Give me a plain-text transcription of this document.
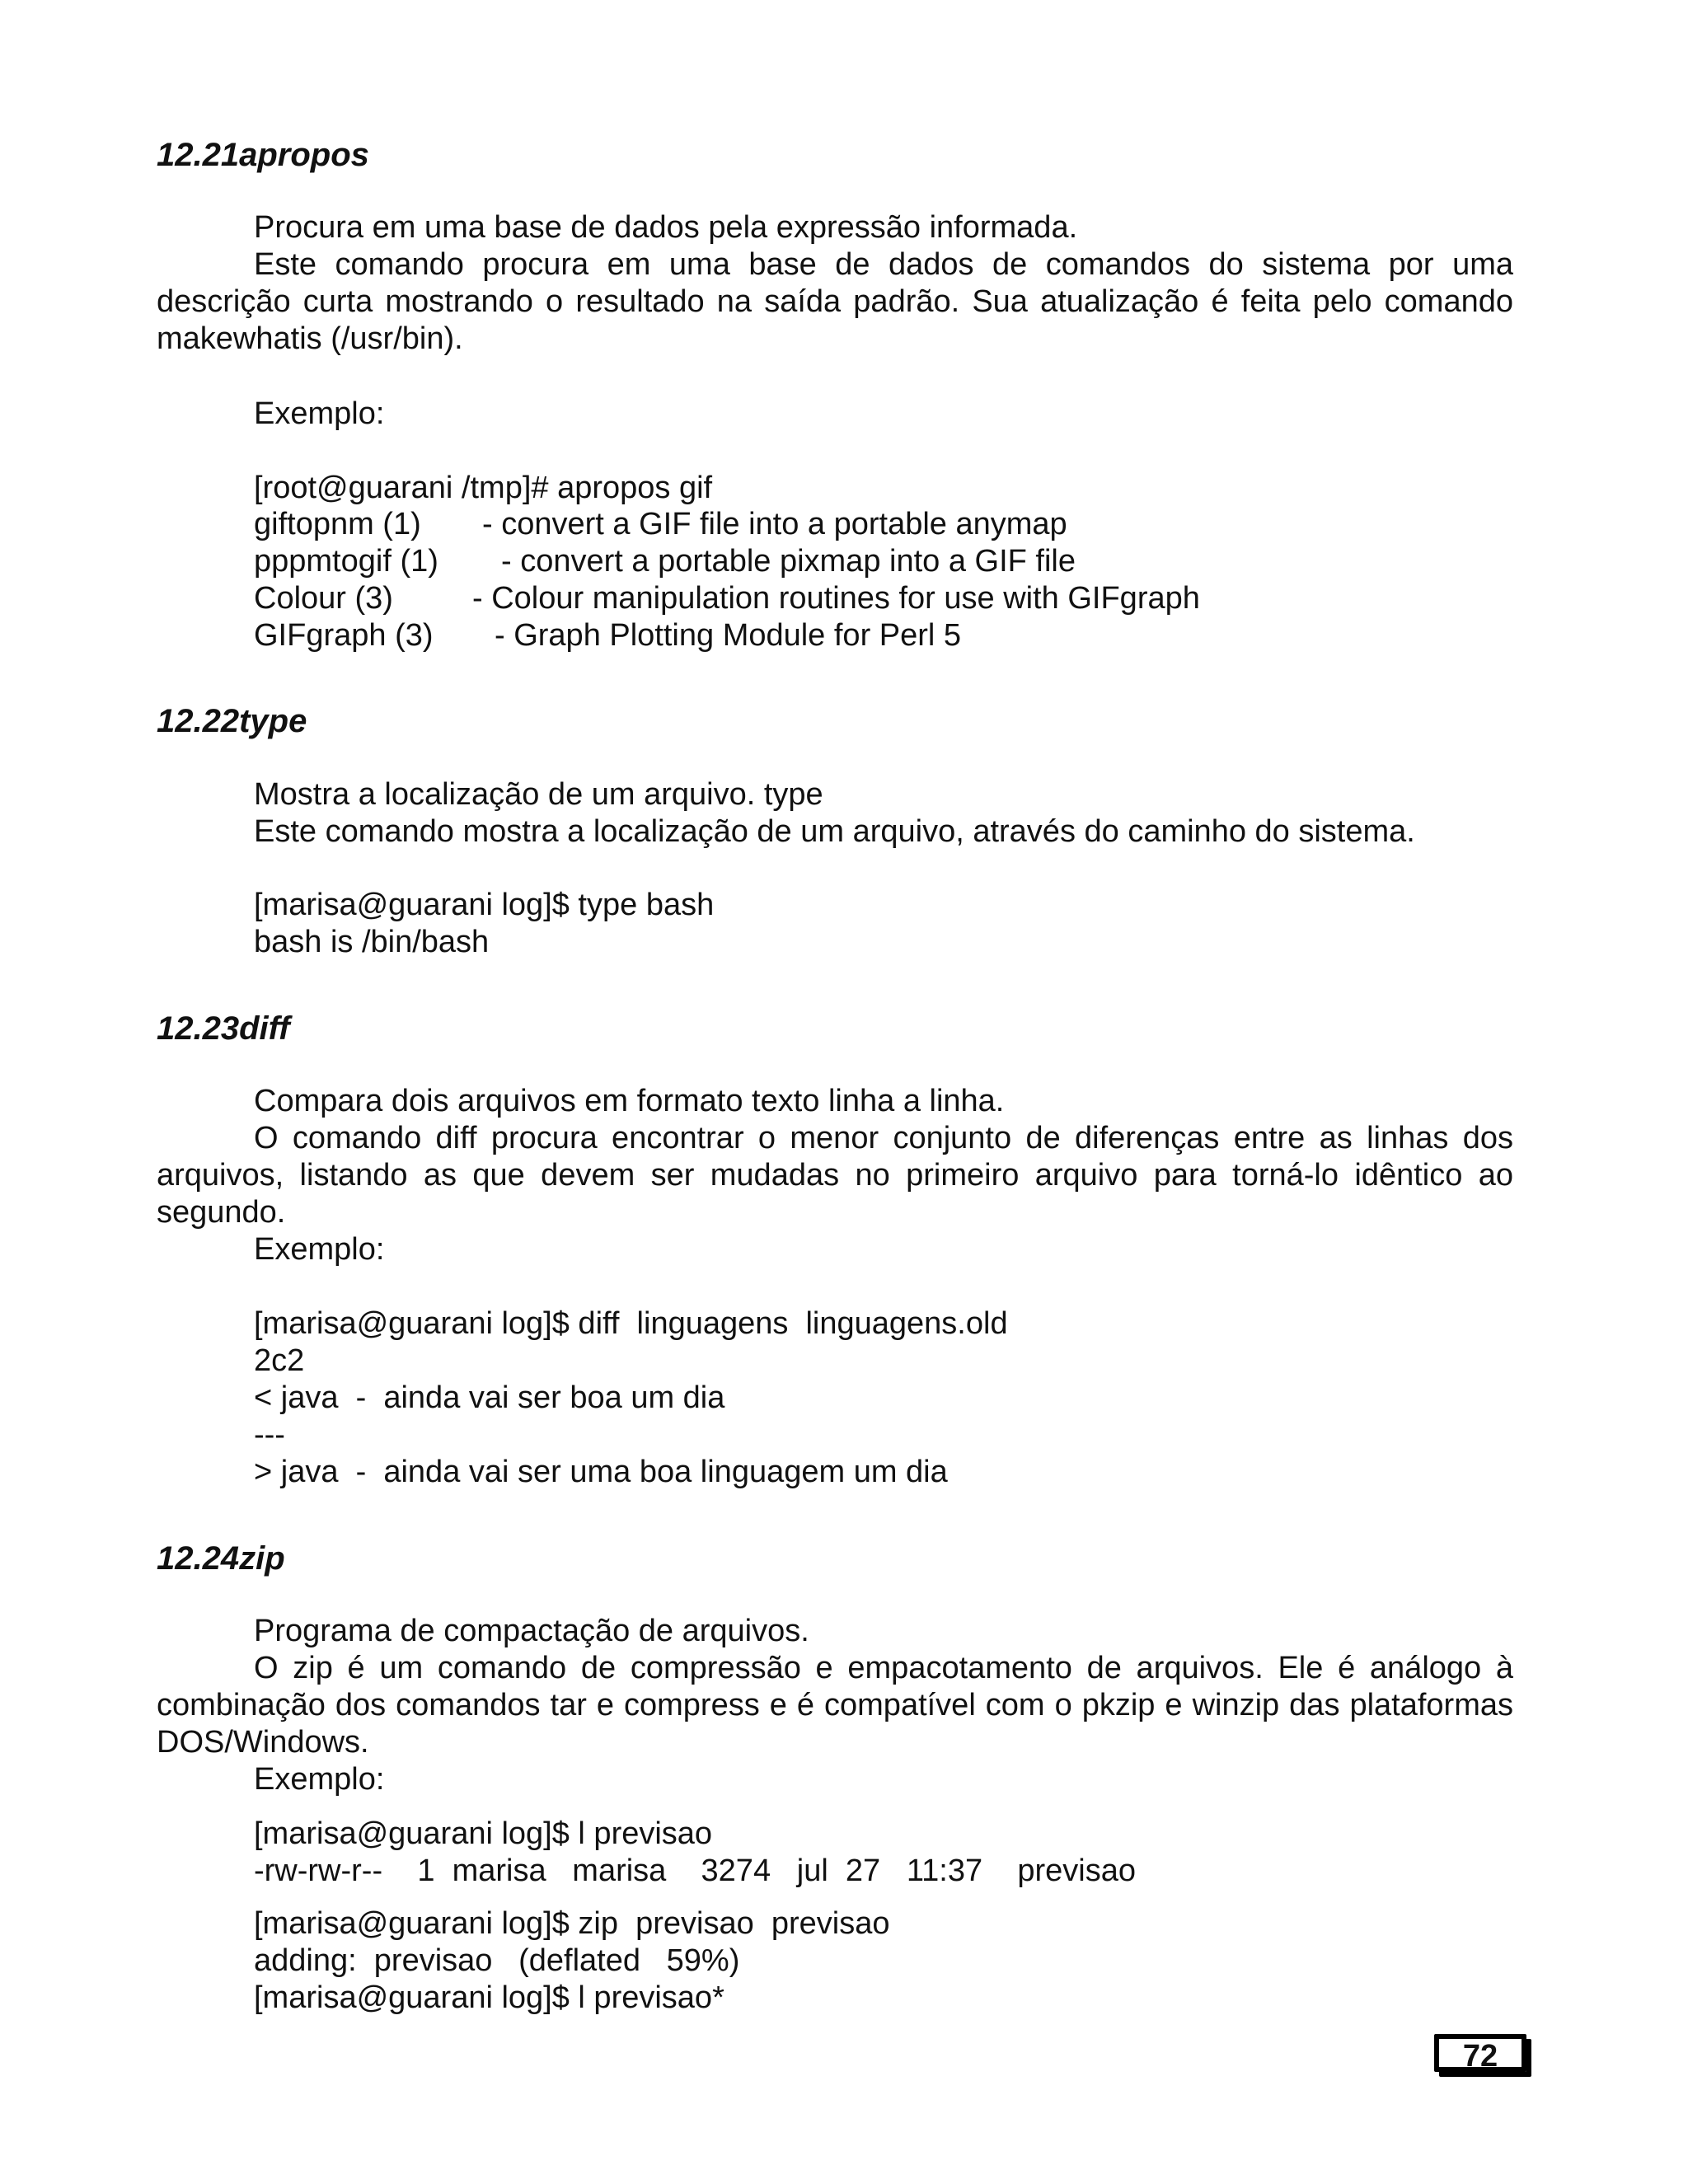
12.21apropos
Procura em uma base de dados pela expressão informada.
Este comando procura em uma base de dados de comandos do sistema por uma descrição curta mostrando o resultado na saída padrão. Sua atualização é feita pelo comando makewhatis (/usr/bin).
Exemplo:
[root@guarani /tmp]# apropos gif
giftopnm (1) - convert a GIF file into a portable anymap
pppmtogif (1) - convert a portable pixmap into a GIF file
Colour (3)	- Colour manipulation routines for use with GIFgraph
GIFgraph (3) - Graph Plotting Module for Perl 5
12.22type
Mostra a localização de um arquivo. type
Este comando mostra a localização de um arquivo, através do caminho do sistema.
[marisa@guarani log]$ type bash
bash is /bin/bash
12.23diff
Compara dois arquivos em formato texto linha a linha.
O comando diff procura encontrar o menor conjunto de diferenças entre as linhas dos arquivos, listando as que devem ser mudadas no primeiro arquivo para torná-lo idêntico ao segundo.
Exemplo:
[marisa@guarani log]$ diff  linguagens  linguagens.old
2c2
< java  -  ainda vai ser boa um dia
---
> java  -  ainda vai ser uma boa linguagem um dia
12.24zip
Programa de compactação de arquivos.
O zip é um comando de compressão e empacotamento de arquivos. Ele é análogo à combinação dos comandos tar e compress e é compatível com o pkzip e winzip das plataformas DOS/Windows.
Exemplo:
[marisa@guarani log]$ l previsao
-rw-rw-r--    1  marisa   marisa    3274   jul  27   11:37    previsao
[marisa@guarani log]$ zip  previsao  previsao
adding:  previsao   (deflated   59%)
[marisa@guarani log]$ l previsao*
72
